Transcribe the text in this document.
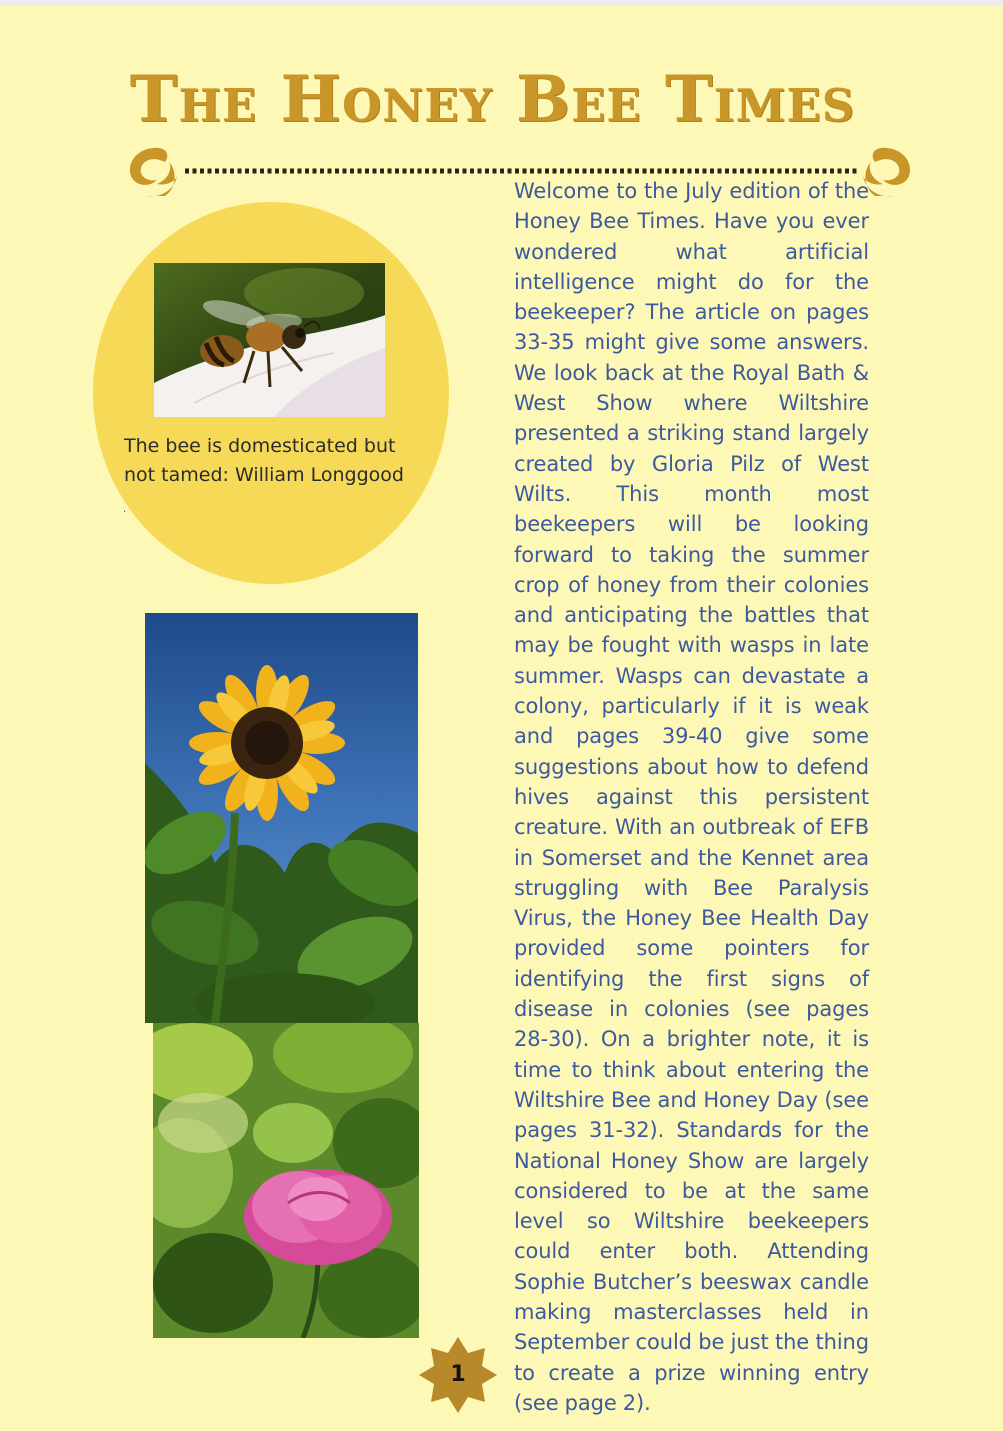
The Honey Bee Times
The bee is domesticated but not tamed: William Longgood
.
1
Welcome to the July edition of the Honey Bee Times. Have you ever wondered what artificial intelligence might do for the beekeeper? The article on pages 33-35 might give some answers. We look back at the Royal Bath & West Show where Wiltshire presented a striking stand largely created by Gloria Pilz of West Wilts. This month most beekeepers will be looking forward to taking the summer crop of honey from their colonies and anticipating the battles that may be fought with wasps in late summer. Wasps can devastate a colony, particularly if it is weak and pages 39-40 give some suggestions about how to defend hives against this persistent creature. With an outbreak of EFB in Somerset and the Kennet area struggling with Bee Paralysis Virus, the Honey Bee Health Day provided some pointers for identifying the first signs of disease in colonies (see pages 28-30). On a brighter note, it is time to think about entering the Wiltshire Bee and Honey Day (see pages 31-32). Standards for the National Honey Show are largely considered to be at the same level so Wiltshire beekeepers could enter both. Attending Sophie Butcher’s beeswax candle making masterclasses held in September could be just the thing to create a prize winning entry (see page 2).
